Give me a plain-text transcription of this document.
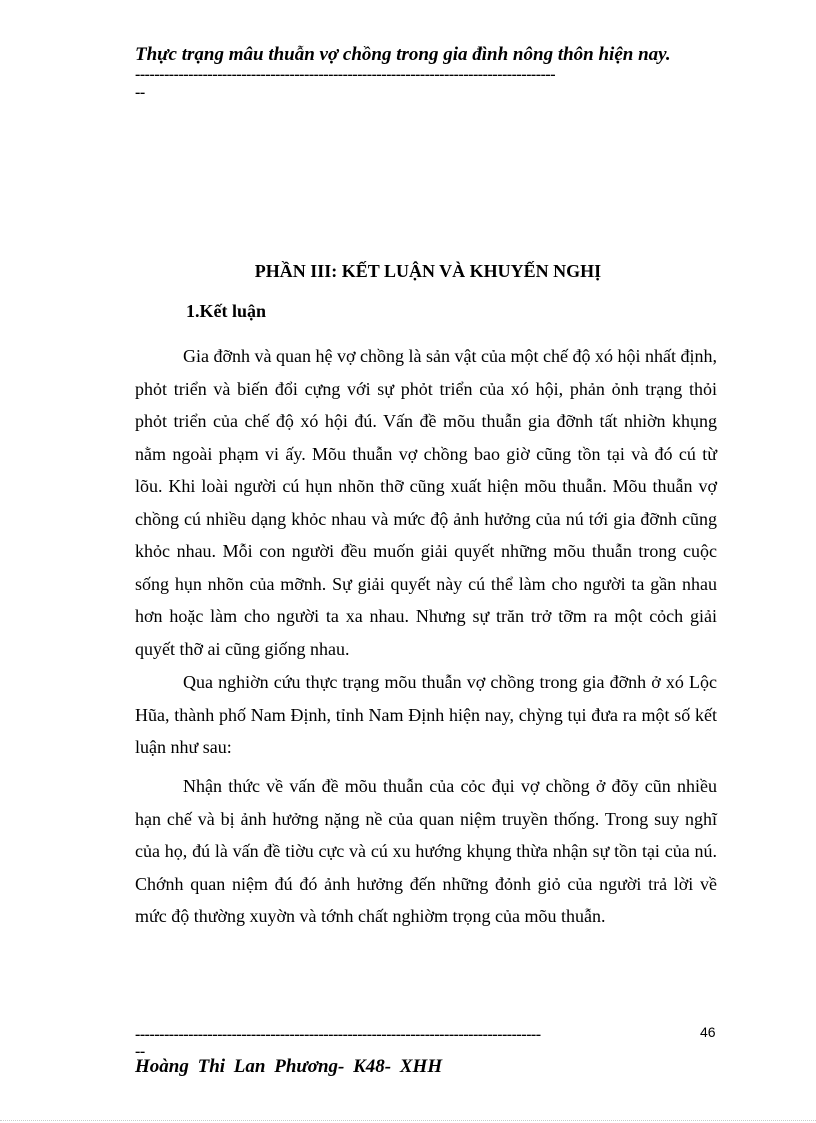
Thực trạng mâu thuẫn vợ chồng trong gia đình nông thôn hiện nay.
---------------------------------------------------------------------------------------
--
PHẦN III: KẾT LUẬN VÀ KHUYẾN NGHỊ
1.Kết luận
Gia đỡnh và quan hệ vợ chồng là sản vật của một chế độ xó hội nhất định, phỏt triển và biến đổi cựng với sự phỏt triển của xó hội, phản ỏnh trạng thỏi phỏt triển của chế độ xó hội đú. Vấn đề mõu thuẫn gia đỡnh tất nhiờn khụng nằm ngoài phạm vi ấy. Mõu thuẫn vợ chồng bao giờ cũng tồn tại và đó cú từ lõu. Khi loài người cú hụn nhõn thỡ cũng xuất hiện mõu thuẫn. Mõu thuẫn vợ chồng cú nhiều dạng khỏc nhau và mức độ ảnh hưởng của nú tới gia đỡnh cũng khỏc nhau. Mỗi con người đều muốn giải quyết những mõu thuẫn trong cuộc sống hụn nhõn của mỡnh. Sự giải quyết này cú thể làm cho người ta gần nhau hơn hoặc làm cho người ta xa nhau. Nhưng sự trăn trở tỡm ra một cỏch giải quyết thỡ ai cũng giống nhau.
Qua nghiờn cứu thực trạng mõu thuẫn vợ chồng trong gia đỡnh ở xó Lộc Hũa, thành phố Nam Định, tỉnh Nam Định hiện nay, chỳng tụi đưa ra một số kết luận như sau:
Nhận thức về vấn đề mõu thuẫn của cỏc đụi vợ chồng ở đõy cũn nhiều hạn chế và bị ảnh hưởng nặng nề của quan niệm truyền thống. Trong suy nghĩ của họ, đú là vấn đề tiờu cực và cú xu hướng khụng thừa nhận sự tồn tại của nú. Chớnh quan niệm đú đó ảnh hưởng đến những đỏnh giỏ của người trả lời về mức độ thường xuyờn và tớnh chất nghiờm trọng của mõu thuẫn.
------------------------------------------------------------------------------------
--
46
Hoàng Thi Lan Phương- K48- XHH
